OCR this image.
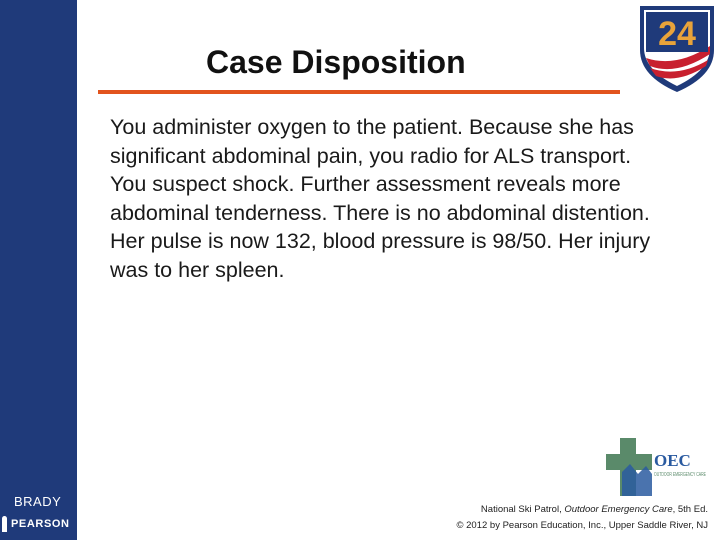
BRADY
PEARSON
Case Disposition

You administer oxygen to the patient. Because she has significant abdominal pain, you radio for ALS transport. You suspect shock. Further assessment reveals more abdominal tenderness. There is no abdominal distention. Her pulse is now 132, blood pressure is 98/50. Her injury was to her spleen.

24
OEC
OUTDOOR EMERGENCY CARE
National Ski Patrol, Outdoor Emergency Care, 5th Ed.
© 2012 by Pearson Education, Inc., Upper Saddle River, NJ
